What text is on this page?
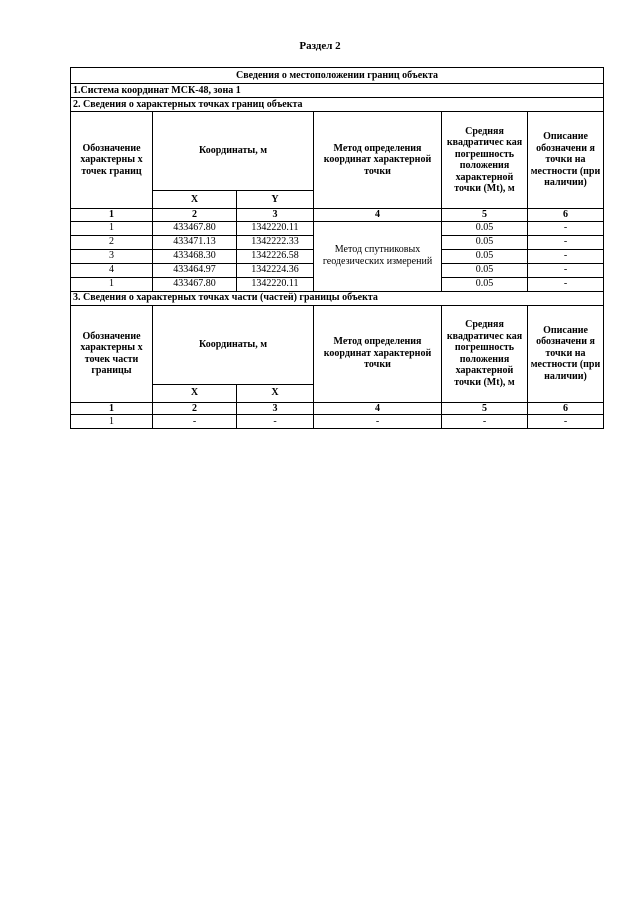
Раздел 2
Сведения о местоположении границ объекта					
1.Система координат МСК-48, зона 1					
2. Сведения о характерных точках границ объекта					
Обозначение характерны х точек границ	Координаты, м		Метод определения координат характерной точки	Средняя квадратичес кая погрешность положения характерной точки (Mt), м	Описание обозначени я точки на местности (при наличии)
	X	Y			
1	2	3	4	5	6
1	433467.80	1342220.11	Метод спутниковых геодезических измерений	0.05	-
2	433471.13	1342222.33		0.05	-
3	433468.30	1342226.58		0.05	-
4	433464.97	1342224.36		0.05	-
1	433467.80	1342220.11		0.05	-
3. Сведения о характерных точках части (частей) границы объекта					
Обозначение характерны х точек части границы	Координаты, м		Метод определения координат характерной точки	Средняя квадратичес кая погрешность положения характерной точки (Mt), м	Описание обозначени я точки на местности (при наличии)
	X	X			
1	2	3	4	5	6
1	-	-	-	-	-
